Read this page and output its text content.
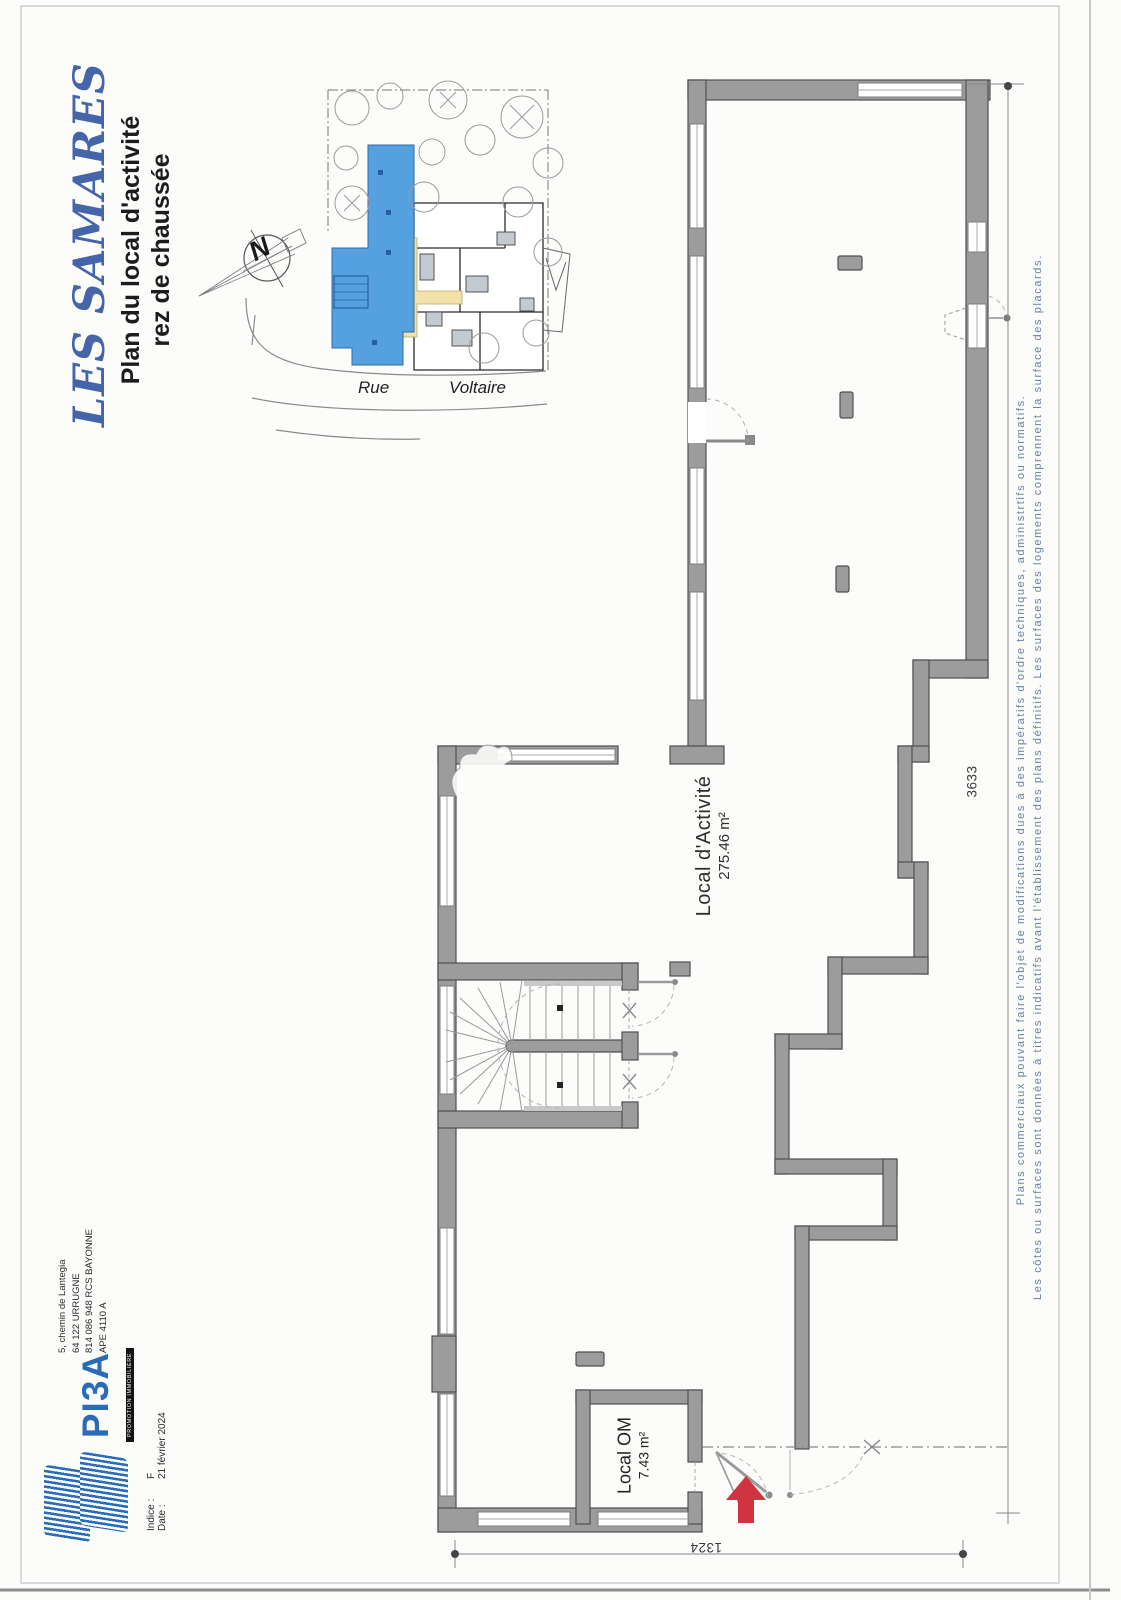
LES SAMARES Plan du local d'activité rez de chaussée
Rue	Voltaire
N
Local d'Activité 275.46 m²
Local OM 7.43 m²
3633
1324
Plans commerciaux pouvant faire l'objet de modifications dues à des impératifs d'ordre techniques, administrtifs ou normatifs. Les côtes ou surfaces sont données à titres indicatifs avant l'établissement des plans définitifs. Les surfaces des logements comprennent la surface des placards.
PI3A PROMOTION IMMOBILIÈRE
5, chemin de Lantegia 64 122 URRUGNE 814 086 948 RCS BAYONNE APE 4110 A
Indice :
F
Date :
21 février 2024
